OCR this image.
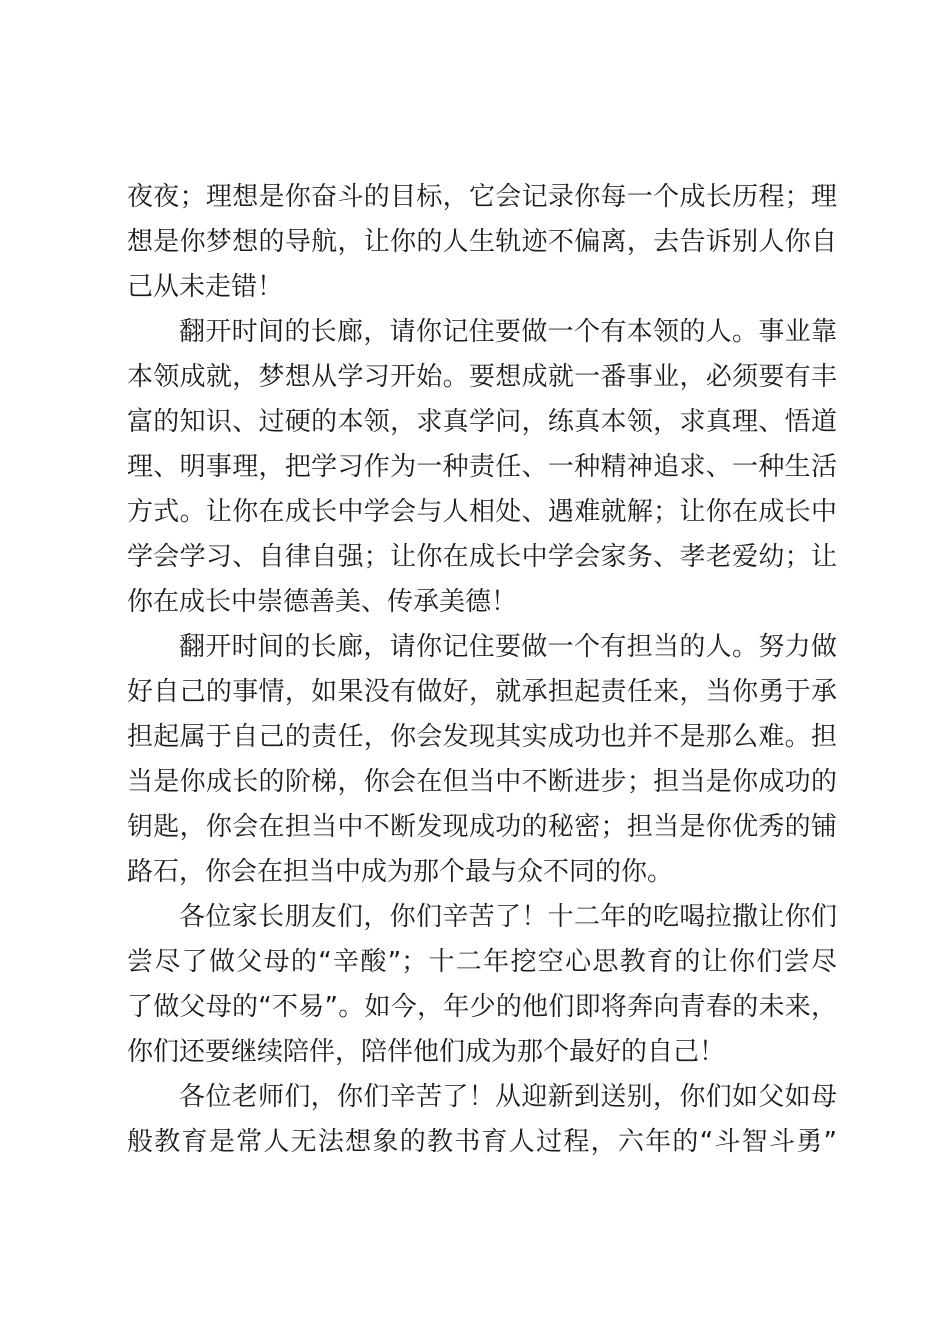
夜夜；理想是你奋斗的目标，它会记录你每一个成长历程；理
想是你梦想的导航，让你的人生轨迹不偏离，去告诉别人你自
己从未走错！
翻开时间的长廊，请你记住要做一个有本领的人。事业靠
本领成就，梦想从学习开始。要想成就一番事业，必须要有丰
富的知识、过硬的本领，求真学问，练真本领，求真理、悟道
理、明事理，把学习作为一种责任、一种精神追求、一种生活
方式。让你在成长中学会与人相处、遇难就解；让你在成长中
学会学习、自律自强；让你在成长中学会家务、孝老爱幼；让
你在成长中崇德善美、传承美德！
翻开时间的长廊，请你记住要做一个有担当的人。努力做
好自己的事情，如果没有做好，就承担起责任来，当你勇于承
担起属于自己的责任，你会发现其实成功也并不是那么难。担
当是你成长的阶梯，你会在但当中不断进步；担当是你成功的
钥匙，你会在担当中不断发现成功的秘密；担当是你优秀的铺
路石，你会在担当中成为那个最与众不同的你。
各位家长朋友们，你们辛苦了！十二年的吃喝拉撒让你们
尝尽了做父母的“辛酸”；十二年挖空心思教育的让你们尝尽
了做父母的“不易”。如今，年少的他们即将奔向青春的未来，
你们还要继续陪伴，陪伴他们成为那个最好的自己！
各位老师们，你们辛苦了！从迎新到送别，你们如父如母
般教育是常人无法想象的教书育人过程，六年的“斗智斗勇”
